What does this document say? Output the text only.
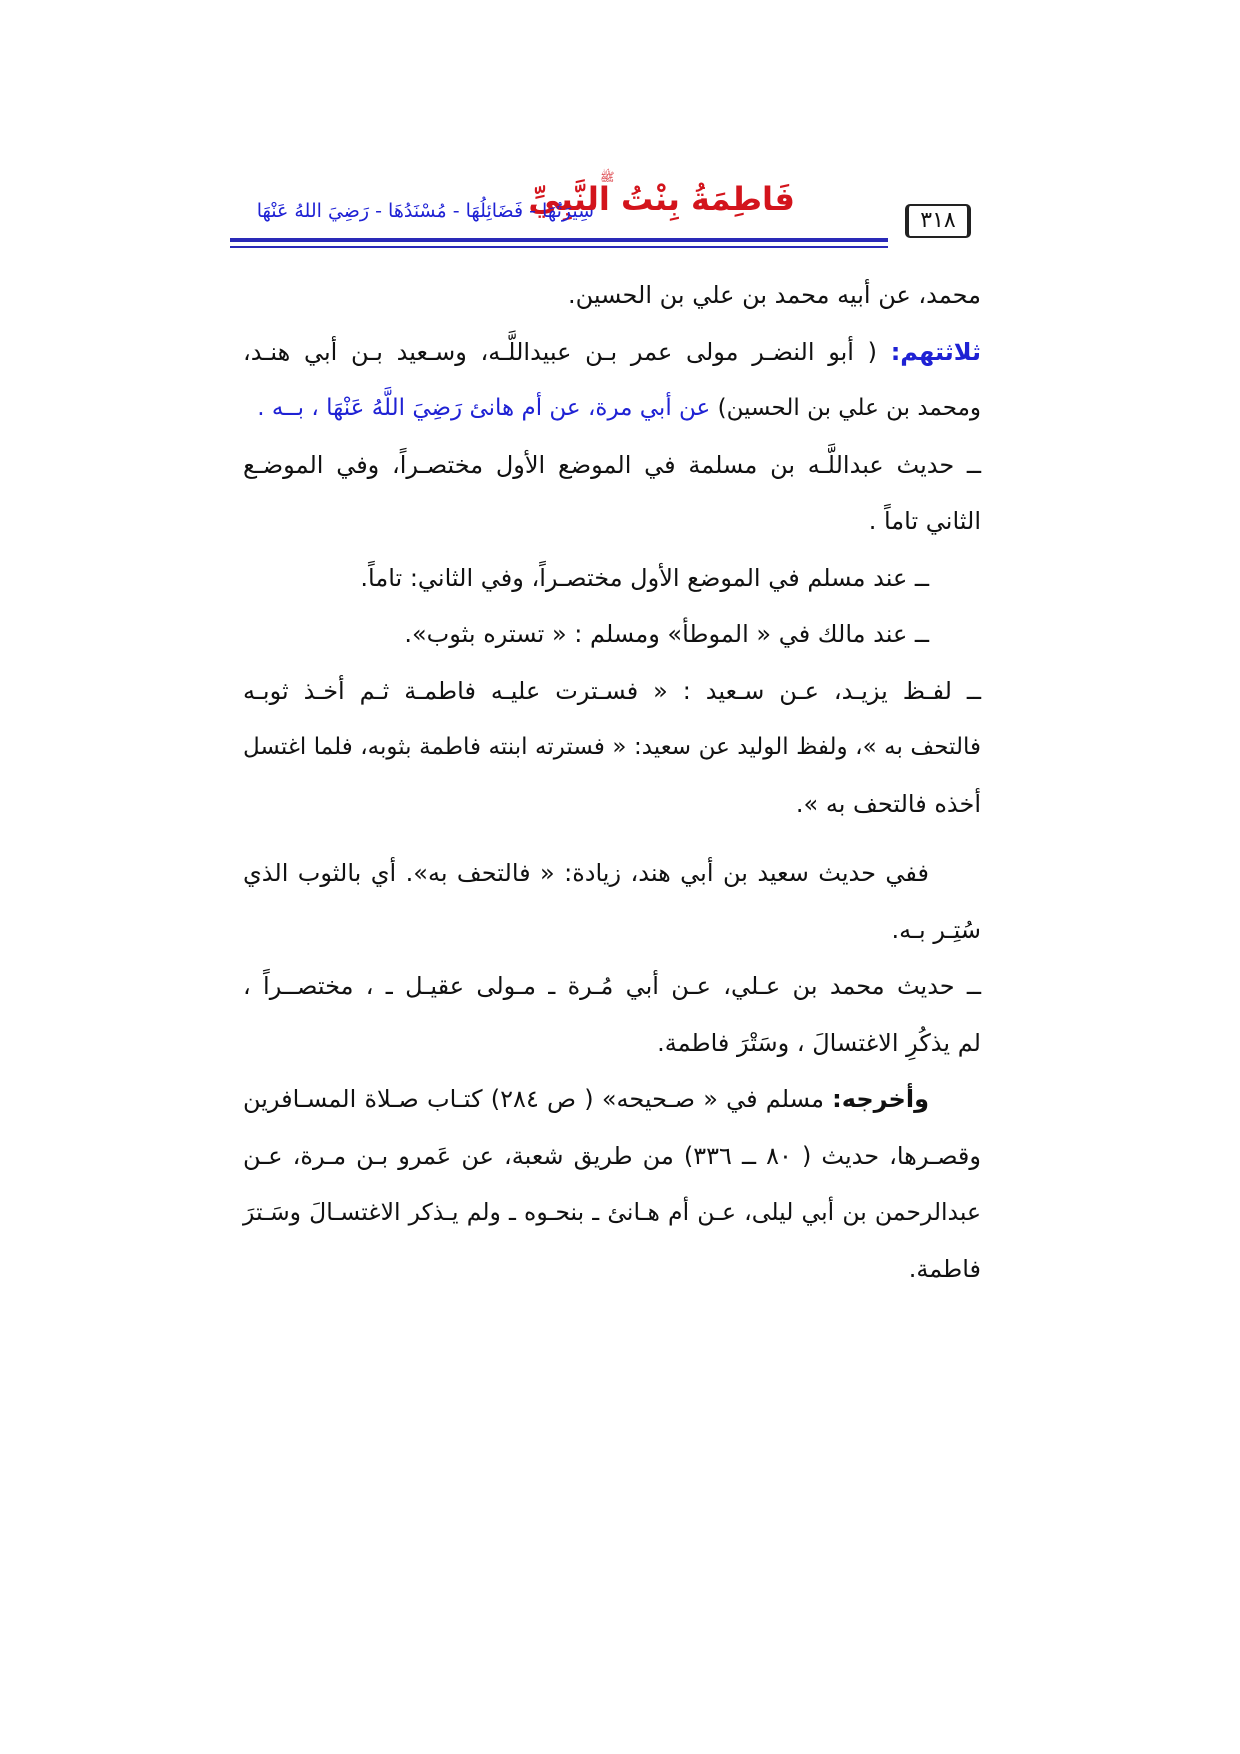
٣١٨
فَاطِمَةُ بِنْتُ النَّبِيِّ
ﷺ
سِيرَتُهَا - فَضَائِلُهَا - مُسْنَدُهَا - رَضِيَ اللهُ عَنْهَا
محمد، عن أبيه محمد بن علي بن الحسين.
ثلاثتهم: ( أبو النضـر مولى عمر بـن عبيداللَّـه، وسـعيد بـن أبي هنـد،
ومحمد بن علي بن الحسين) عن أبي مرة، عن أم هانئ رَضِيَ اللَّهُ عَنْهَا ، بــه .
ــ حديث عبداللَّـه بن مسلمة في الموضع الأول مختصـراً، وفي الموضـع
الثاني تاماً .
ــ عند مسلم في الموضع الأول مختصـراً، وفي الثاني: تاماً.
ــ عند مالك في « الموطأ» ومسلم : « تستره بثوب».
ــ لفـظ يزيـد، عـن سـعيد : « فسـترت عليـه فاطمـة ثـم أخـذ ثوبـه
فالتحف به »، ولفظ الوليد عن سعيد: « فسترته ابنته فاطمة بثوبه، فلما اغتسل
أخذه فالتحف به ».
ففي حديث سعيد بن أبي هند، زيادة: « فالتحف به». أي بالثوب الذي
سُتِـر بـه.
ــ حديث محمد بن عـلي، عـن أبي مُـرة ـ مـولى عقيـل ـ ، مختصــراً ،
لم يذكُرِ الاغتسالَ ، وسَتْرَ فاطمة.
وأخرجه: مسلم في « صـحيحه» ( ص ٢٨٤) كتـاب صـلاة المسـافرين
وقصـرها، حديث ( ٨٠ ــ ٣٣٦) من طريق شعبة، عن عَمرو بـن مـرة، عـن
عبدالرحمن بن أبي ليلى، عـن أم هـانئ ـ بنحـوه ـ ولم يـذكر الاغتسـالَ وسَـترَ
فاطمة.
